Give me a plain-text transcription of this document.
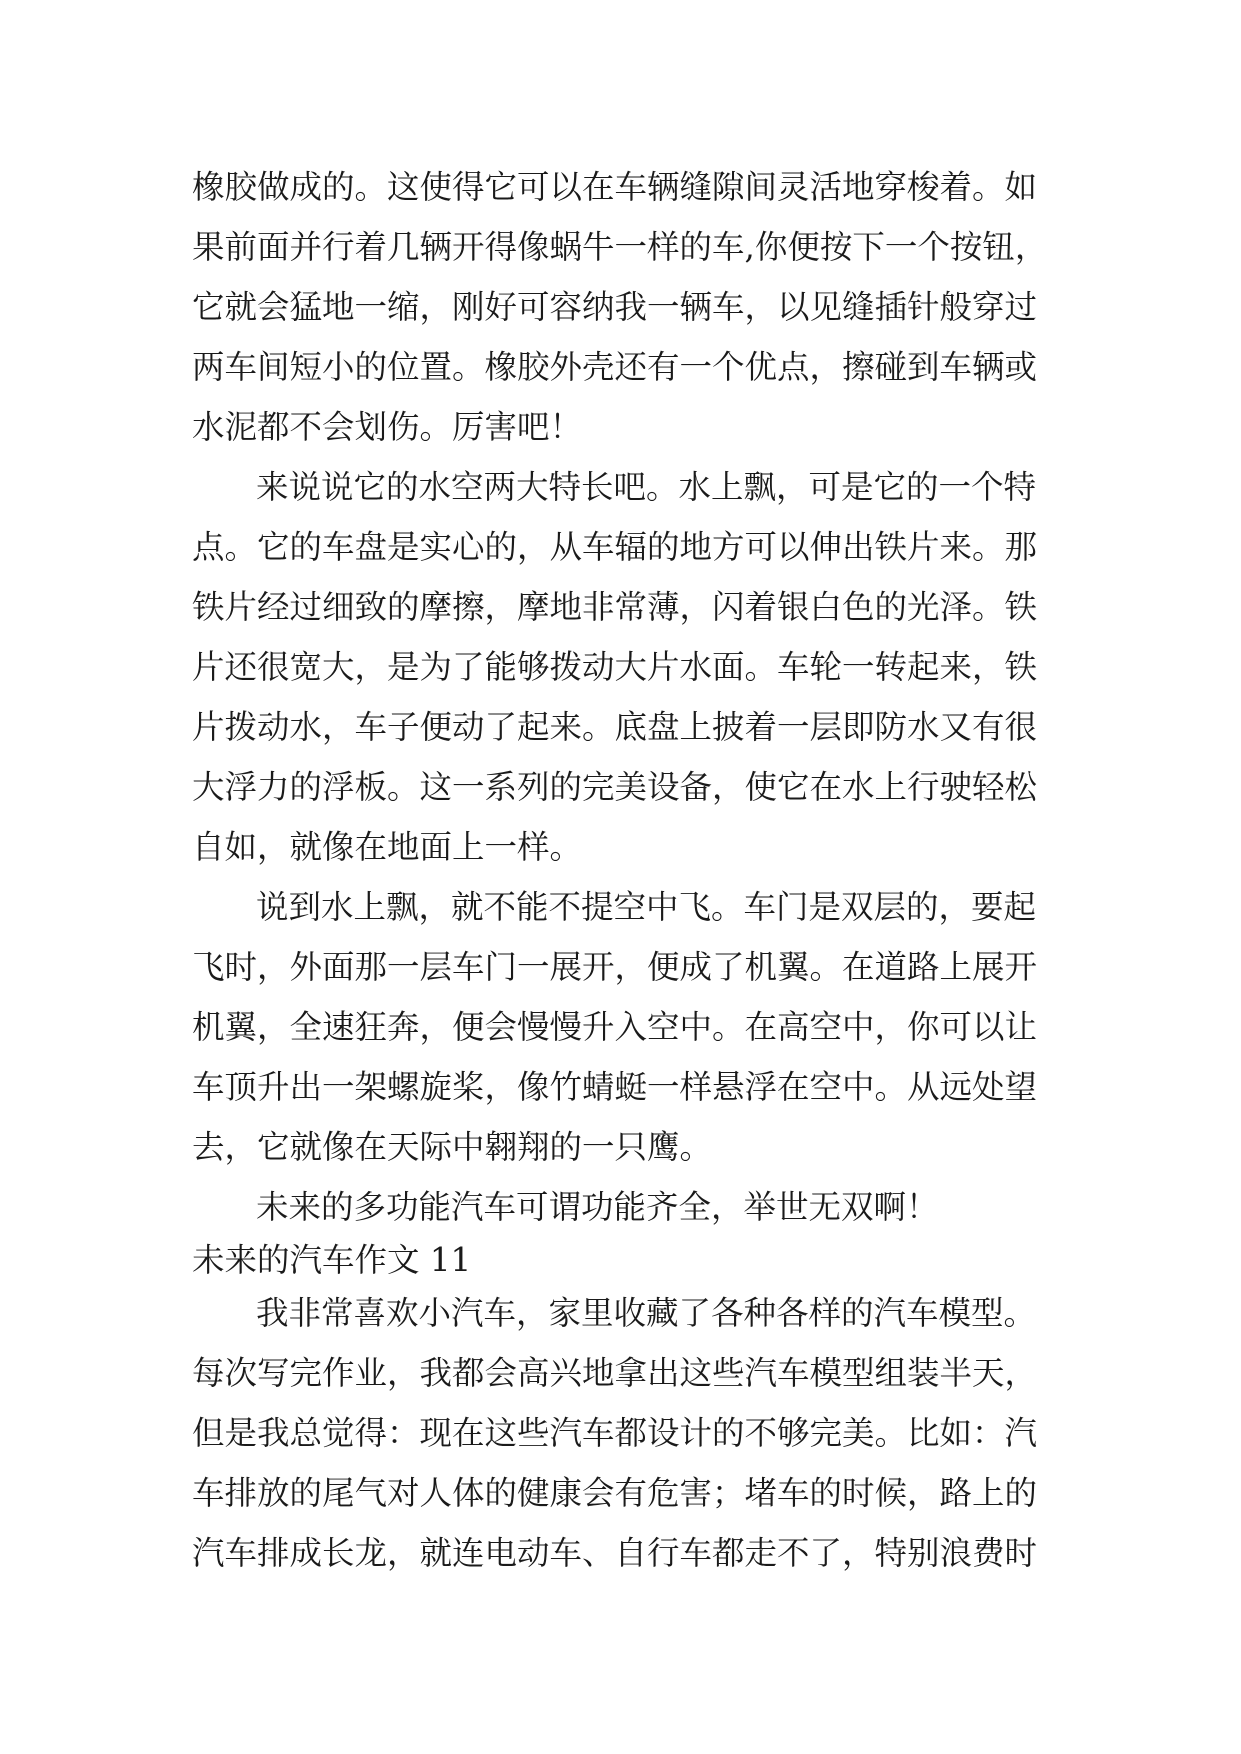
橡胶做成的。这使得它可以在车辆缝隙间灵活地穿梭着。如
果前面并行着几辆开得像蜗牛一样的车,你便按下一个按钮，
它就会猛地一缩，刚好可容纳我一辆车，以见缝插针般穿过
两车间短小的位置。橡胶外壳还有一个优点，擦碰到车辆或
水泥都不会划伤。厉害吧！
来说说它的水空两大特长吧。水上飘，可是它的一个特
点。它的车盘是实心的，从车辐的地方可以伸出铁片来。那
铁片经过细致的摩擦，摩地非常薄，闪着银白色的光泽。铁
片还很宽大，是为了能够拨动大片水面。车轮一转起来，铁
片拨动水，车子便动了起来。底盘上披着一层即防水又有很
大浮力的浮板。这一系列的完美设备，使它在水上行驶轻松
自如，就像在地面上一样。
说到水上飘，就不能不提空中飞。车门是双层的，要起
飞时，外面那一层车门一展开，便成了机翼。在道路上展开
机翼，全速狂奔，便会慢慢升入空中。在高空中，你可以让
车顶升出一架螺旋桨，像竹蜻蜓一样悬浮在空中。从远处望
去，它就像在天际中翱翔的一只鹰。
未来的多功能汽车可谓功能齐全，举世无双啊！
未来的汽车作文 11
我非常喜欢小汽车，家里收藏了各种各样的汽车模型。
每次写完作业，我都会高兴地拿出这些汽车模型组装半天，
但是我总觉得：现在这些汽车都设计的不够完美。比如：汽
车排放的尾气对人体的健康会有危害；堵车的时候，路上的
汽车排成长龙，就连电动车、自行车都走不了，特别浪费时
